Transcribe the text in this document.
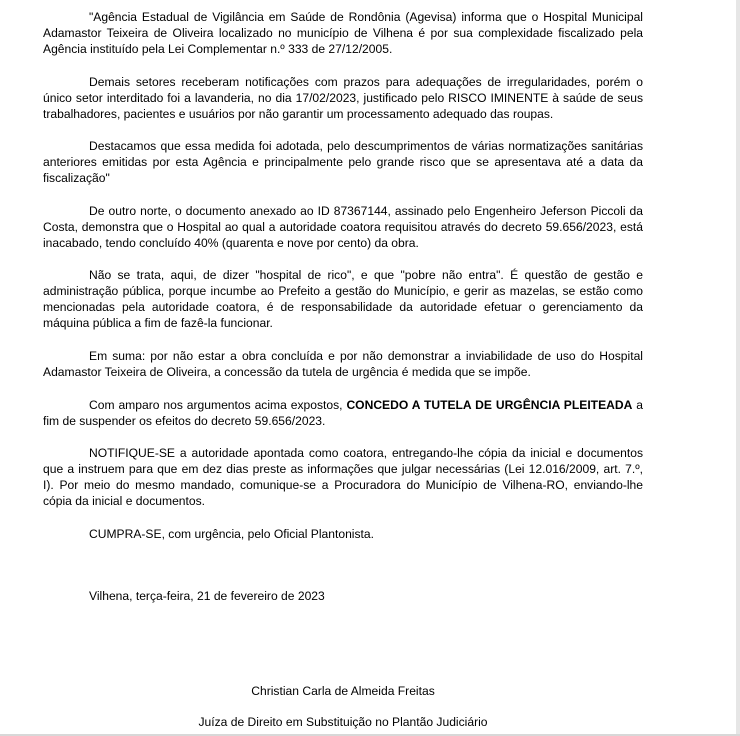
"Agência Estadual de Vigilância em Saúde de Rondônia (Agevisa) informa que o Hospital Municipal Adamastor Teixeira de Oliveira localizado no município de Vilhena é por sua complexidade fiscalizado pela Agência instituído pela Lei Complementar n.º 333 de 27/12/2005.

Demais setores receberam notificações com prazos para adequações de irregularidades, porém o único setor interditado foi a lavanderia, no dia 17/02/2023, justificado pelo RISCO IMINENTE à saúde de seus trabalhadores, pacientes e usuários por não garantir um processamento adequado das roupas.

Destacamos que essa medida foi adotada, pelo descumprimentos de várias normatizações sanitárias anteriores emitidas por esta Agência e principalmente pelo grande risco que se apresentava até a data da fiscalização"

De outro norte, o documento anexado ao ID 87367144, assinado pelo Engenheiro Jeferson Piccoli da Costa, demonstra que o Hospital ao qual a autoridade coatora requisitou através do decreto 59.656/2023, está inacabado, tendo concluído 40% (quarenta e nove por cento) da obra.

Não se trata, aqui, de dizer "hospital de rico", e que "pobre não entra". É questão de gestão e administração pública, porque incumbe ao Prefeito a gestão do Município, e gerir as mazelas, se estão como mencionadas pela autoridade coatora, é de responsabilidade da autoridade efetuar o gerenciamento da máquina pública a fim de fazê-la funcionar.

Em suma: por não estar a obra concluída e por não demonstrar a inviabilidade de uso do Hospital Adamastor Teixeira de Oliveira, a concessão da tutela de urgência é medida que se impõe.

Com amparo nos argumentos acima expostos, CONCEDO A TUTELA DE URGÊNCIA PLEITEADA a fim de suspender os efeitos do decreto 59.656/2023.

NOTIFIQUE-SE a autoridade apontada como coatora, entregando-lhe cópia da inicial e documentos que a instruem para que em dez dias preste as informações que julgar necessárias (Lei 12.016/2009, art. 7.º, I). Por meio do mesmo mandado, comunique-se a Procuradora do Município de Vilhena-RO, enviando-lhe cópia da inicial e documentos.

CUMPRA-SE, com urgência, pelo Oficial Plantonista.

Vilhena, terça-feira, 21 de fevereiro de 2023

Christian Carla de Almeida Freitas
Juíza de Direito em Substituição no Plantão Judiciário
